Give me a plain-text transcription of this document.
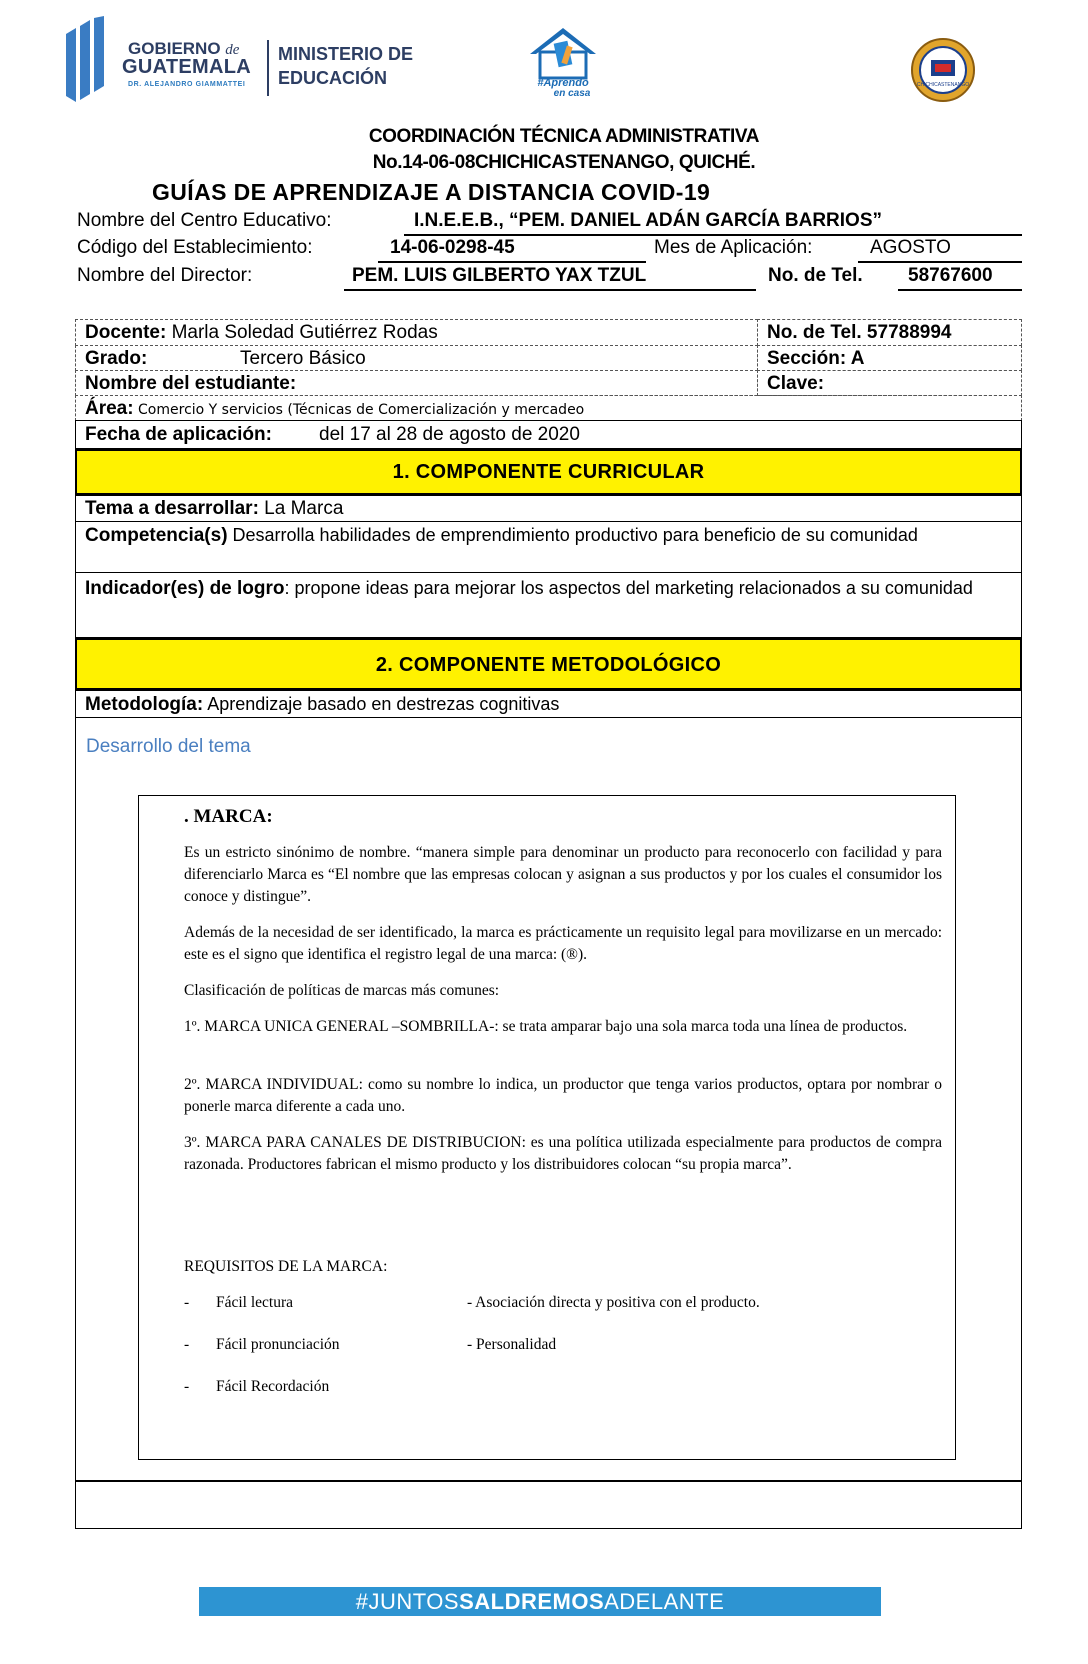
GOBIERNO de
GUATEMALA
DR. ALEJANDRO GIAMMATTEI
MINISTERIO DE
EDUCACIÓN	#Aprendo
en casa
CHICHICASTENANGO
COORDINACIÓN TÉCNICA ADMINISTRATIVA
No.14-06-08CHICHICASTENANGO, QUICHÉ.
GUÍAS DE APRENDIZAJE A DISTANCIA COVID-19
Nombre del Centro Educativo:	I.N.E.E.B., “PEM. DANIEL ADÁN GARCÍA BARRIOS”
Código del Establecimiento:	14-06-0298-45	Mes de Aplicación:	AGOSTO
Nombre del Director:	PEM. LUIS GILBERTO YAX TZUL	No. de Tel. 58767600
Docente: Marla Soledad Gutiérrez Rodas	No. de Tel. 57788994
Grado:	Tercero Básico	Sección: A
Nombre del estudiante:	Clave:
Área: Comercio Y servicios (Técnicas de Comercialización y mercadeo
Fecha de aplicación: del 17 al 28 de agosto de 2020
1. COMPONENTE CURRICULAR
Tema a desarrollar: La Marca
Competencia(s) Desarrolla habilidades de emprendimiento productivo para beneficio de su comunidad
Indicador(es) de logro: propone ideas para mejorar los aspectos del marketing relacionados a su comunidad
2. COMPONENTE METODOLÓGICO
Metodología: Aprendizaje basado en destrezas cognitivas
Desarrollo del tema

. MARCA:

Es un estricto sinónimo de nombre. “manera simple para denominar un producto para reconocerlo con facilidad y para diferenciarlo Marca es “El nombre que las empresas colocan y asignan a sus productos y por los cuales el consumidor los conoce y distingue”.

Además de la necesidad de ser identificado, la marca es prácticamente un requisito legal para movilizarse en un mercado: este es el signo que identifica el registro legal de una marca: (®).

Clasificación de políticas de marcas más comunes:

1º. MARCA UNICA GENERAL –SOMBRILLA-: se trata amparar bajo una sola marca toda una línea de productos.

2º. MARCA INDIVIDUAL: como su nombre lo indica, un productor que tenga varios productos, optara por nombrar o ponerle marca diferente a cada uno.

3º. MARCA PARA CANALES DE DISTRIBUCION: es una política utilizada especialmente para productos de compra razonada. Productores fabrican el mismo producto y los distribuidores colocan “su propia marca”.

REQUISITOS DE LA MARCA:

- Fácil lectura	- Asociación directa y positiva con el producto.
- Fácil pronunciación	- Personalidad
- Fácil Recordación
#JUNTOSSALDREMOSADELANTE
